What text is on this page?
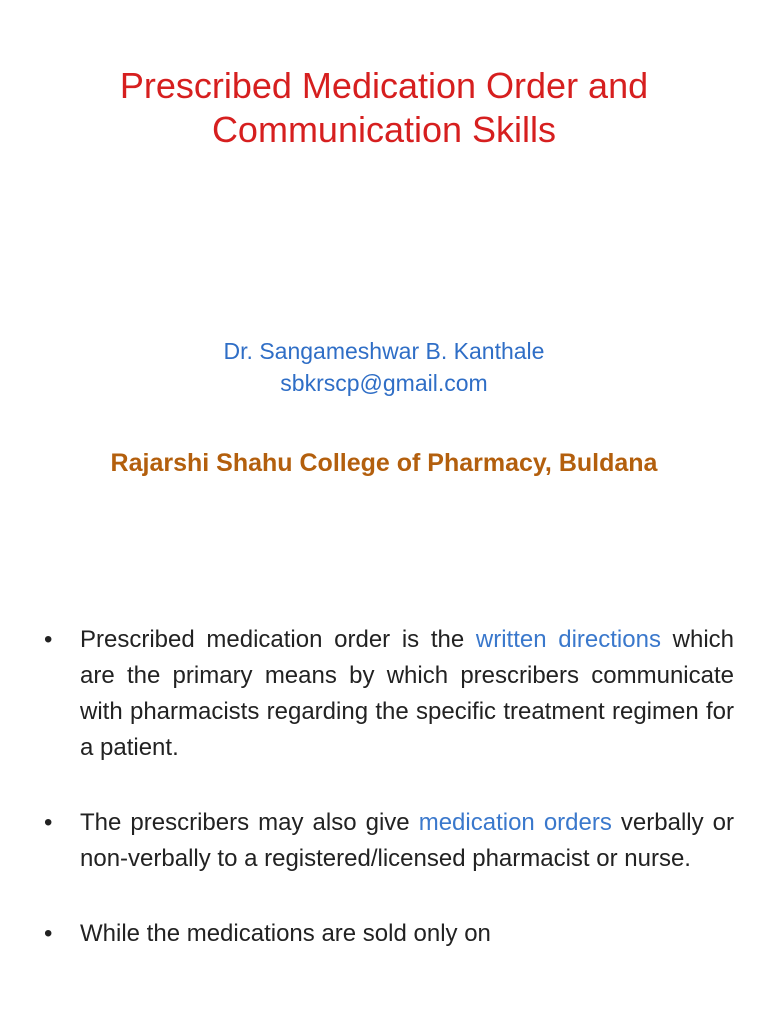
Prescribed Medication Order and
Communication Skills
Dr. Sangameshwar B. Kanthale
sbkrscp@gmail.com
Rajarshi Shahu College of Pharmacy, Buldana
•	Prescribed medication order is the written directions which are the primary means by which prescribers communicate with pharmacists regarding the specific treatment regimen for a patient.
•	The prescribers may also give medication orders verbally or non-verbally to a registered/licensed pharmacist or nurse.
•	While the medications are sold only on
